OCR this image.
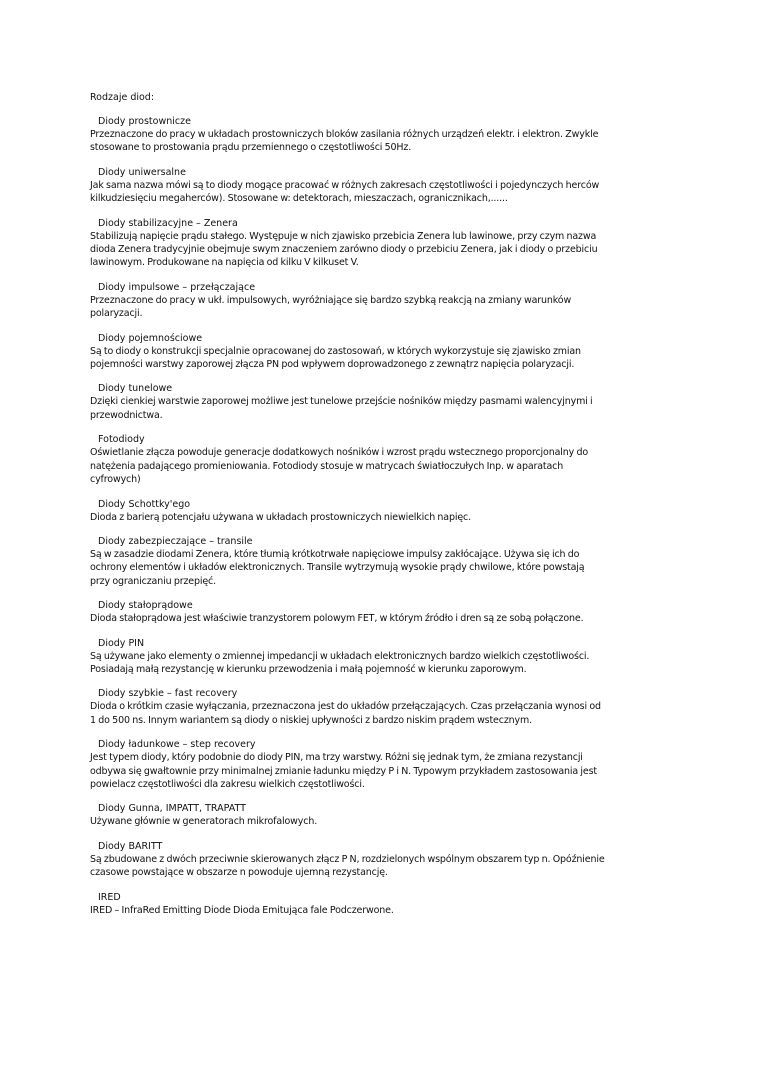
Rodzaje diod:
Diody prostownicze
Przeznaczone do pracy w układach prostowniczych bloków zasilania różnych urządzeń elektr. i elektron. Zwykle
stosowane to prostowania prądu przemiennego o częstotliwości 50Hz.
Diody uniwersalne
Jak sama nazwa mówi są to diody mogące pracować w różnych zakresach częstotliwości i pojedynczych herców
kilkudziesięciu megaherców). Stosowane w: detektorach, mieszaczach, ogranicznikach,......
Diody stabilizacyjne – Zenera
Stabilizują napięcie prądu stałego. Występuje w nich zjawisko przebicia Zenera lub lawinowe, przy czym nazwa
dioda Zenera tradycyjnie obejmuje swym znaczeniem zarówno diody o przebiciu Zenera, jak i diody o przebiciu
lawinowym. Produkowane na napięcia od kilku V kilkuset V.
Diody impulsowe – przełączające
Przeznaczone do pracy w ukł. impulsowych, wyróżniające się bardzo szybką reakcją na zmiany warunków
polaryzacji.
Diody pojemnościowe
Są to diody o konstrukcji specjalnie opracowanej do zastosowań, w których wykorzystuje się zjawisko zmian
pojemności warstwy zaporowej złącza PN pod wpływem doprowadzonego z zewnątrz napięcia polaryzacji.
Diody tunelowe
Dzięki cienkiej warstwie zaporowej możliwe jest tunelowe przejście nośników między pasmami walencyjnymi i
przewodnictwa.
Fotodiody
Oświetlanie złącza powoduje generacje dodatkowych nośników i wzrost prądu wstecznego proporcjonalny do
natężenia padającego promieniowania. Fotodiody stosuje w matrycach światłoczułych Inp. w aparatach
cyfrowych)
Diody Schottky'ego
Dioda z barierą potencjału używana w układach prostowniczych niewielkich napięc.
Diody zabezpieczające – transile
Są w zasadzie diodami Zenera, które tłumią krótkotrwałe napięciowe impulsy zakłócające. Używa się ich do
ochrony elementów i układów elektronicznych. Transile wytrzymują wysokie prądy chwilowe, które powstają
przy ograniczaniu przepięć.
Diody stałoprądowe
Dioda stałoprądowa jest właściwie tranzystorem polowym FET, w którym źródło i dren są ze sobą połączone.
Diody PIN
Są używane jako elementy o zmiennej impedancji w układach elektronicznych bardzo wielkich częstotliwości.
Posiadają małą rezystancję w kierunku przewodzenia i małą pojemność w kierunku zaporowym.
Diody szybkie – fast recovery
Dioda o krótkim czasie wyłączania, przeznaczona jest do układów przełączających. Czas przełączania wynosi od
1 do 500 ns. Innym wariantem są diody o niskiej upływności z bardzo niskim prądem wstecznym.
Diody ładunkowe – step recovery
Jest typem diody, który podobnie do diody PIN, ma trzy warstwy. Różni się jednak tym, że zmiana rezystancji
odbywa się gwałtownie przy minimalnej zmianie ładunku między P i N. Typowym przykładem zastosowania jest
powielacz częstotliwości dla zakresu wielkich częstotliwości.
Diody Gunna, IMPATT, TRAPATT
Używane głównie w generatorach mikrofalowych.
Diody BARITT
Są zbudowane z dwóch przeciwnie skierowanych złącz P N, rozdzielonych wspólnym obszarem typ n. Opóźnienie
czasowe powstające w obszarze n powoduje ujemną rezystancję.
IRED
IRED – InfraRed Emitting Diode Dioda Emitująca fale Podczerwone.
